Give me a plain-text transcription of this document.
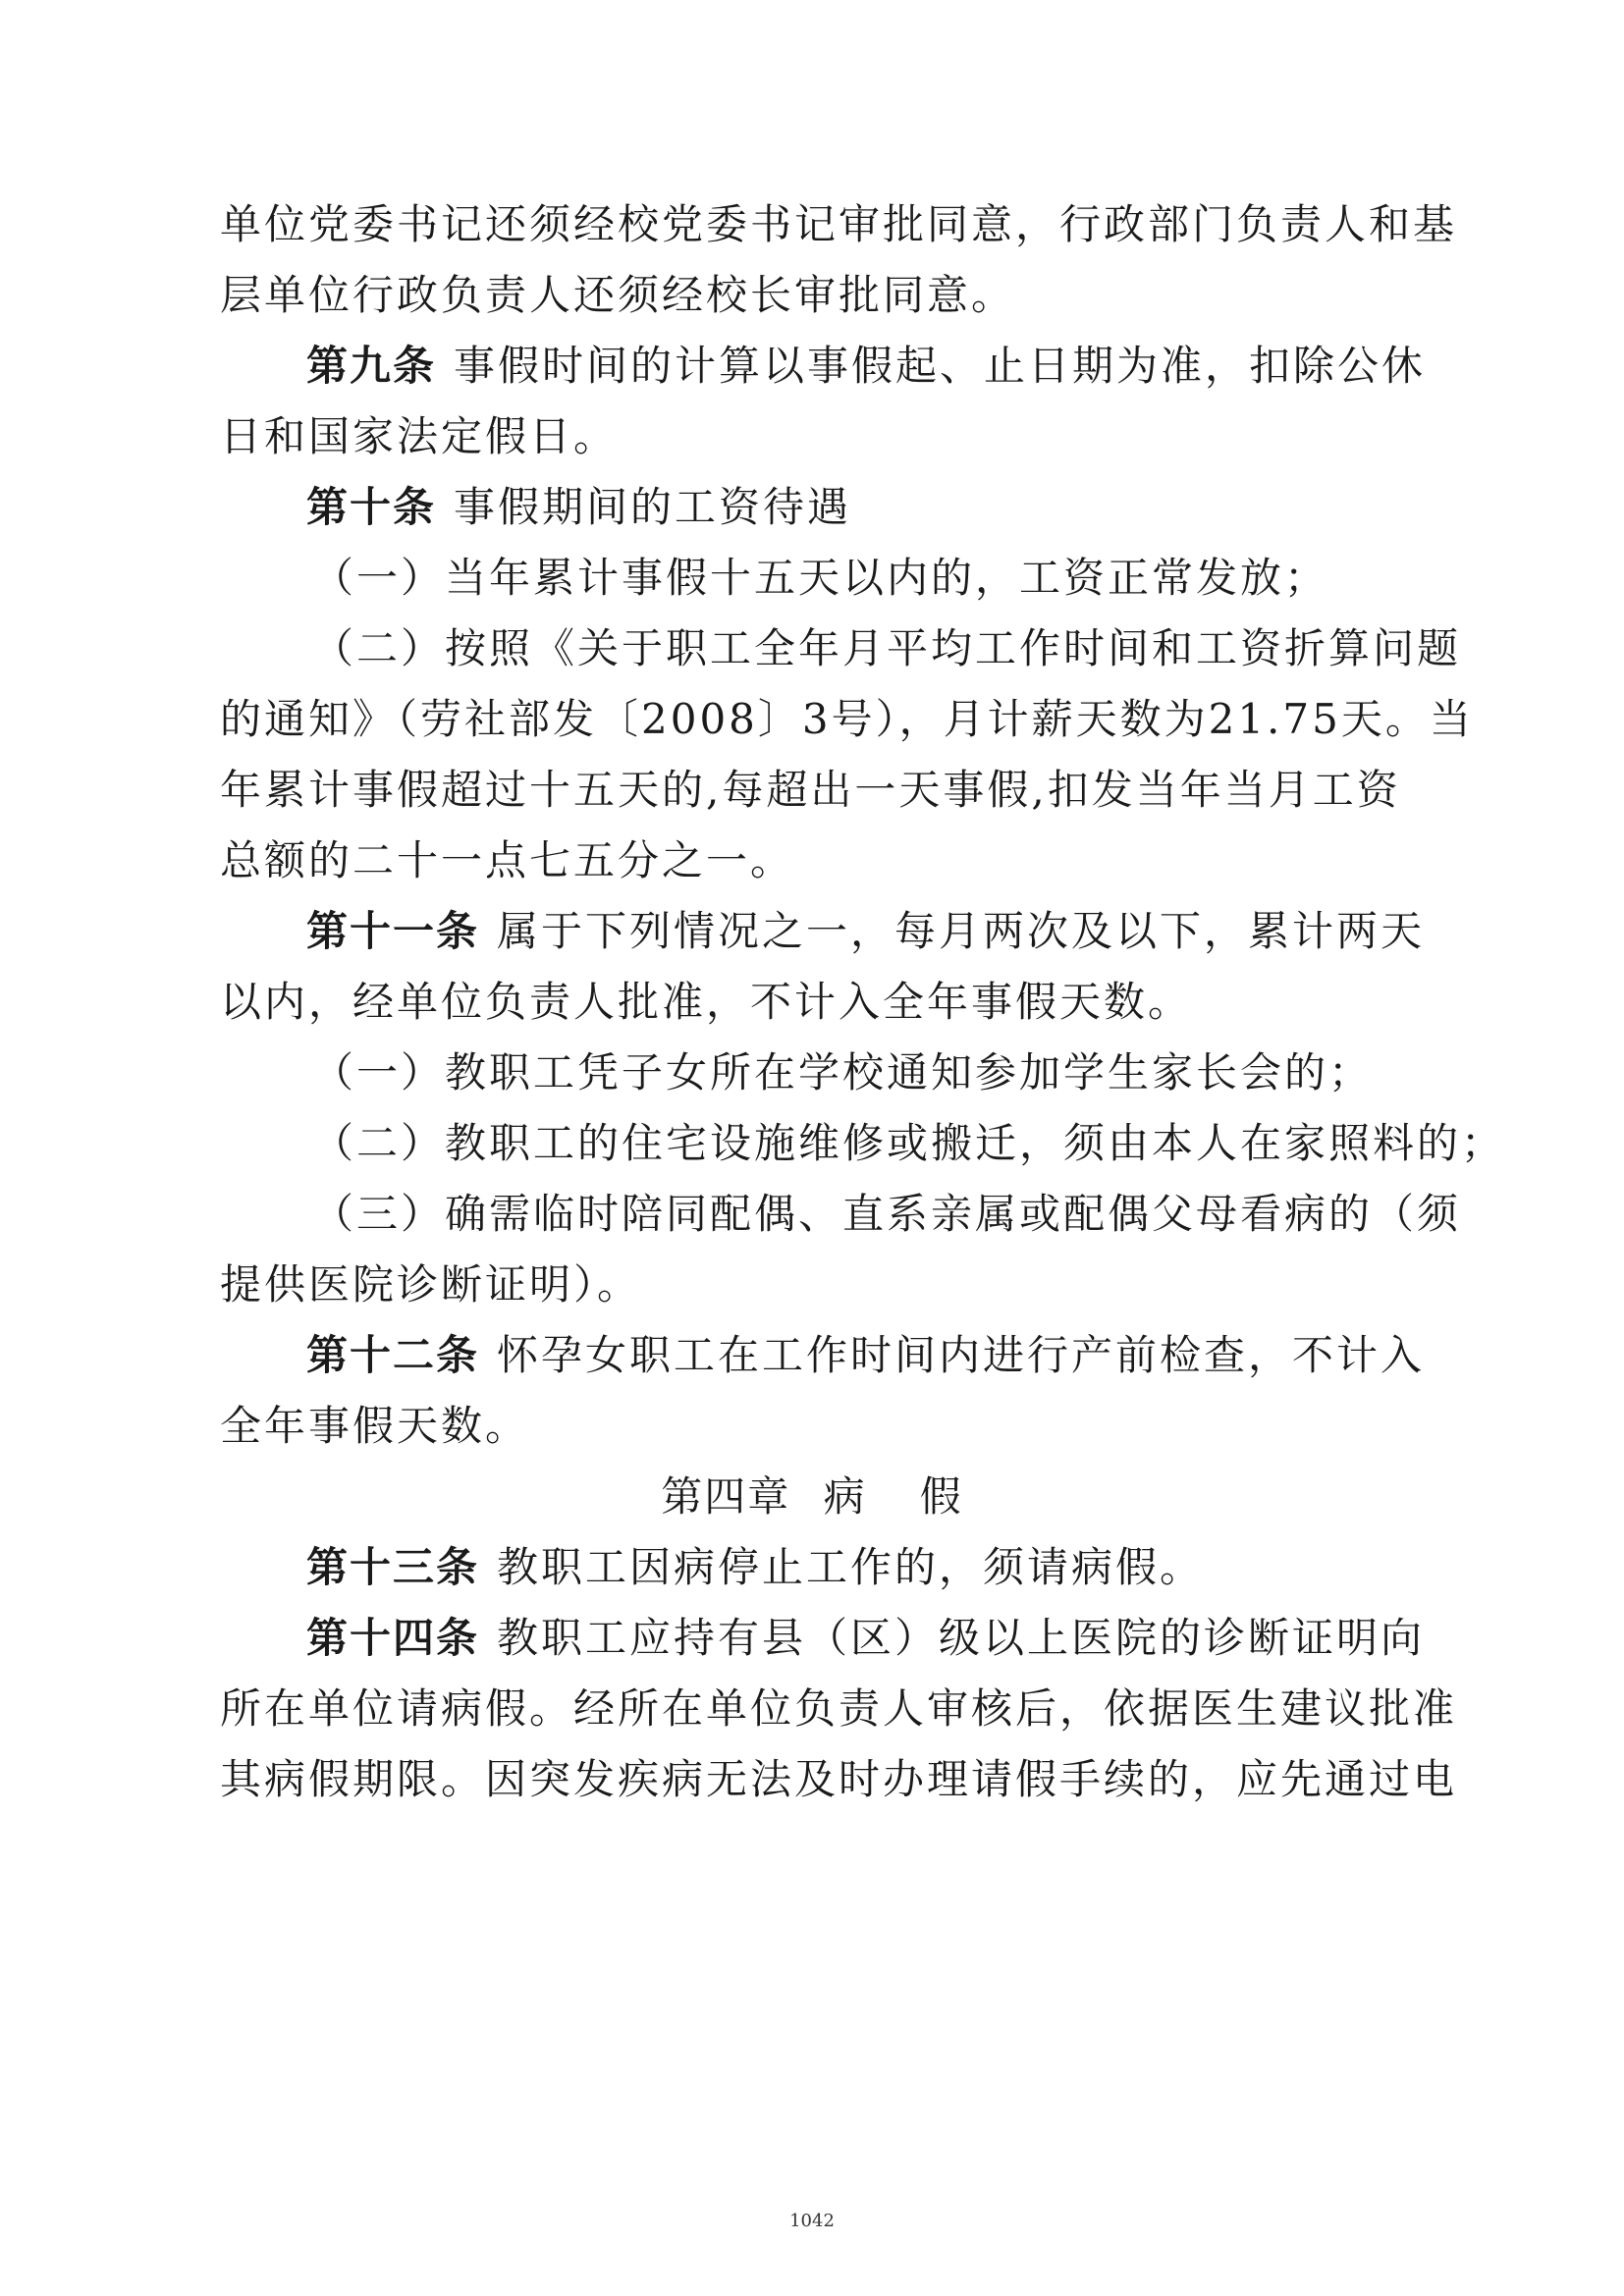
单位党委书记还须经校党委书记审批同意，行政部门负责人和基
层单位行政负责人还须经校长审批同意。
第九条 事假时间的计算以事假起、止日期为准，扣除公休
日和国家法定假日。
第十条 事假期间的工资待遇
（一）当年累计事假十五天以内的，工资正常发放；
（二）按照《关于职工全年月平均工作时间和工资折算问题
的通知》（劳社部发〔2008〕3号），月计薪天数为21.75天。当
年累计事假超过十五天的,每超出一天事假,扣发当年当月工资
总额的二十一点七五分之一。
第十一条 属于下列情况之一，每月两次及以下，累计两天
以内，经单位负责人批准，不计入全年事假天数。
（一）教职工凭子女所在学校通知参加学生家长会的；
（二）教职工的住宅设施维修或搬迁，须由本人在家照料的；
（三）确需临时陪同配偶、直系亲属或配偶父母看病的（须
提供医院诊断证明）。
第十二条 怀孕女职工在工作时间内进行产前检查，不计入
全年事假天数。
第四章 病 假
第十三条 教职工因病停止工作的，须请病假。
第十四条 教职工应持有县（区）级以上医院的诊断证明向
所在单位请病假。经所在单位负责人审核后，依据医生建议批准
其病假期限。因突发疾病无法及时办理请假手续的，应先通过电
1042
